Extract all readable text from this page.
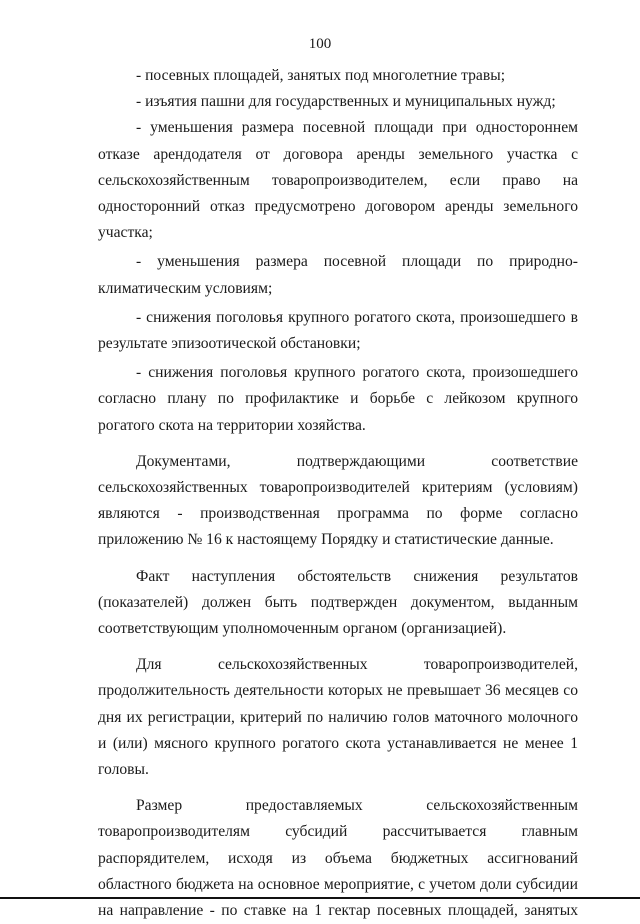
100

- посевных площадей, занятых под многолетние травы;

- изъятия пашни для государственных и муниципальных нужд;

- уменьшения размера посевной площади при одностороннем отказе арендодателя от договора аренды земельного участка с сельскохозяйственным товаропроизводителем, если право на односторонний отказ предусмотрено договором аренды земельного участка;

- уменьшения размера посевной площади по природно-климатическим условиям;

- снижения поголовья крупного рогатого скота, произошедшего в результате эпизоотической обстановки;

- снижения поголовья крупного рогатого скота, произошедшего согласно плану по профилактике и борьбе с лейкозом крупного рогатого скота на территории хозяйства.

Документами, подтверждающими соответствие сельскохозяйственных товаропроизводителей критериям (условиям) являются - производственная программа по форме согласно приложению № 16 к настоящему Порядку и статистические данные.

Факт наступления обстоятельств снижения результатов (показателей) должен быть подтвержден документом, выданным соответствующим уполномоченным органом (организацией).

Для сельскохозяйственных товаропроизводителей, продолжительность деятельности которых не превышает 36 месяцев со дня их регистрации, критерий по наличию голов маточного молочного и (или) мясного крупного рогатого скота устанавливается не менее 1 головы.

Размер предоставляемых сельскохозяйственным товаропроизводителям субсидий рассчитывается главным распорядителем, исходя из объема бюджетных ассигнований областного бюджета на основное мероприятие, с учетом доли субсидии на направление - по ставке на 1 гектар посевных площадей, занятых
